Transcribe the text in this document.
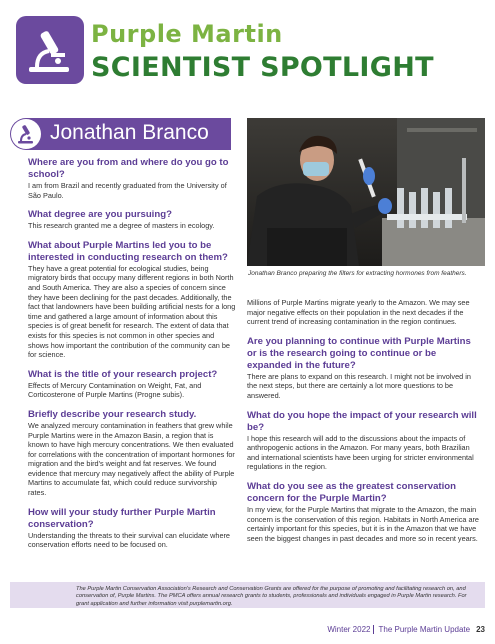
Purple Martin
SCIENTIST SPOTLIGHT
Jonathan Branco

Where are you from and where do you go to school?

I am from Brazil and recently graduated from the University of São Paulo.

What degree are you pursuing?

This research granted me a degree of masters in ecology.

What about Purple Martins led you to be interested in conducting research on them?

They have a great potential for ecological studies, being migratory birds that occupy many different regions in both North and South America. They are also a species of concern since they have been declining for the past decades. Additionally, the fact that landowners have been building artificial nests for a long time and gathered a large amount of information about this species is of great benefit for research. The extent of data that exists for this species is not common in other species and shows how important the contribution of the community can be for science.

What is the title of your research project?

Effects of Mercury Contamination on Weight, Fat, and Corticosterone of Purple Martins (Progne subis).

Briefly describe your research study.

We analyzed mercury contamination in feathers that grew while Purple Martins were in the Amazon Basin, a region that is known to have high mercury concentrations. We then evaluated for correlations with the concentration of important hormones for migration and the bird's weight and fat reserves. We found evidence that mercury may negatively affect the ability of Purple Martins to accumulate fat, which could reduce survivorship rates.

How will your study further Purple Martin conservation?

Understanding the threats to their survival can elucidate where conservation efforts need to be focused on.

Jonathan Branco preparing the filters for extracting hormones from feathers.

Millions of Purple Martins migrate yearly to the Amazon. We may see major negative effects on their population in the next decades if the current trend of increasing contamination in the region continues.

Are you planning to continue with Purple Martins or is the research going to continue or be expanded in the future?

There are plans to expand on this research. I might not be involved in the next steps, but there are certainly a lot more questions to be answered.

What do you hope the impact of your research will be?

I hope this research will add to the discussions about the impacts of anthropogenic actions in the Amazon. For many years, both Brazilian and international scientists have been urging for stricter environmental regulations in the region.

What do you see as the greatest conservation concern for the Purple Martin?

In my view, for the Purple Martins that migrate to the Amazon, the main concern is the conservation of this region. Habitats in North America are certainly important for this species, but it is in the Amazon that we have seen the biggest changes in past decades and more so in recent years.

The Purple Martin Conservation Association's Research and Conservation Grants are offered for the purpose of promoting and facilitating research on, and conservation of, Purple Martins. The PMCA offers annual research grants to students, professionals and individuals engaged in Purple Martin research. For grant application and further information visit purplemartin.org.

Winter 2022 The Purple Martin Update 23
